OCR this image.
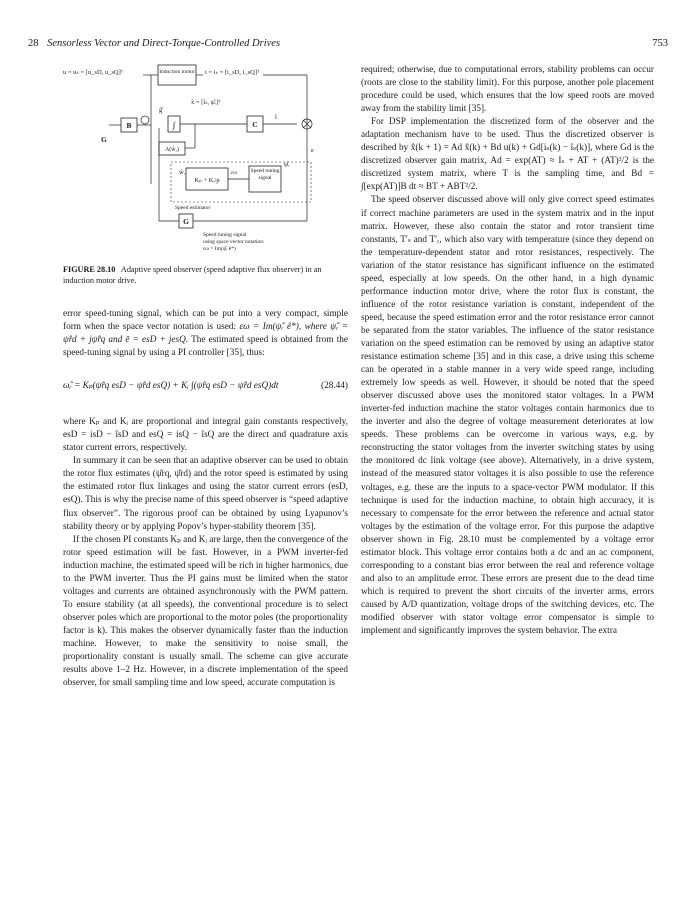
28 Sensorless Vector and Direct-Torque-Controlled Drives	753
u = uₛ = [u_sD, u_sQ]ᵀ	Induction motor i = iₛ = [i_sD, i_sQ]ᵀ
B	∫
ĝ̂
x̂ = [îₛ, ψ̂ᵣ]ᵀ
C
î
G
A(ŵᵣ)
ŵᵣ
Kₚ + Kᵢ/p
εω Speed tuning signal
ψ̂ᵣ
e
Speed estimator
G
Speed tuning signal
using space vector notation:
εω = Im(ψ̂ᵣ ê*)
FIGURE 28.10 Adaptive speed observer (speed adaptive flux observer) in an induction motor drive.

error speed-tuning signal, which can be put into a very compact, simple form when the space vector notation is used: εω = Im(ψ̂ᵣ ê*), where ψ̂ᵣ = ψ̂rd + jψ̂rq and ē = esD + jesQ. The estimated speed is obtained from the speed-tuning signal by using a PI controller [35], thus:

ω̂ᵣ = Kₚ(ψ̂rq esD − ψ̂rd esQ) + Kᵢ ∫(ψ̂rq esD − ψ̂rd esQ)dt	(28.44)

where Kₚ and Kᵢ are proportional and integral gain constants respectively, esD = isD − îsD and esQ = isQ − îsQ are the direct and quadrature axis stator current errors, respectively.

In summary it can be seen that an adaptive observer can be used to obtain the rotor flux estimates (ψ̂rq, ψ̂rd) and the rotor speed is estimated by using the estimated rotor flux linkages and using the stator current errors (esD, esQ). This is why the precise name of this speed observer is “speed adaptive flux observer”. The rigorous proof can be obtained by using Lyapunov’s stability theory or by applying Popov’s hyper-stability theorem [35].

If the chosen PI constants Kₚ and Kᵢ are large, then the convergence of the rotor speed estimation will be fast. However, in a PWM inverter-fed induction machine, the estimated speed will be rich in higher harmonics, due to the PWM inverter. Thus the PI gains must be limited when the stator voltages and currents are obtained asynchronously with the PWM pattern. To ensure stability (at all speeds), the conventional procedure is to select observer poles which are proportional to the motor poles (the proportionality factor is k). This makes the observer dynamically faster than the induction machine. However, to make the sensitivity to noise small, the proportionality constant is usually small. The scheme can give accurate results above 1–2 Hz. However, in a discrete implementation of the speed observer, for small sampling time and low speed, accurate computation is

required; otherwise, due to computational errors, stability problems can occur (roots are close to the stability limit). For this purpose, another pole placement procedure could be used, which ensures that the low speed roots are moved away from the stability limit [35].

For DSP implementation the discretized form of the observer and the adaptation mechanism have to be used. Thus the discretized observer is described by x̂(k + 1) = Ad x̂(k) + Bd u(k) + Gd[iₛ(k) − îₛ(k)], where Gd is the discretized observer gain matrix, Ad = exp(AT) ≈ Iₛ + AT + (AT)²/2 is the discretized system matrix, where T is the sampling time, and Bd = ∫[exp(AT)]B dt ≈ BT + ABT²/2.

The speed observer discussed above will only give correct speed estimates if correct machine parameters are used in the system matrix and in the input matrix. However, these also contain the stator and rotor transient time constants, T′ₛ and T′ᵣ, which also vary with temperature (since they depend on the temperature-dependent stator and rotor resistances, respectively. The variation of the stator resistance has significant influence on the estimated speed, especially at low speeds. On the other hand, in a high dynamic performance induction motor drive, where the rotor flux is constant, the influence of the rotor resistance variation is constant, independent of the speed, because the speed estimation error and the rotor resistance error cannot be separated from the stator variables. The influence of the stator resistance variation on the speed estimation can be removed by using an adaptive stator resistance estimation scheme [35] and in this case, a drive using this scheme can be operated in a stable manner in a very wide speed range, including extremely low speeds as well. However, it should be noted that the speed observer discussed above uses the monitored stator voltages. In a PWM inverter-fed induction machine the stator voltages contain harmonics due to the inverter and also the degree of voltage measurement deteriorates at low speeds. These problems can be overcome in various ways, e.g. by reconstructing the stator voltages from the inverter switching states by using the monitored dc link voltage (see above). Alternatively, in a drive system, instead of the measured stator voltages it is also possible to use the reference voltages, e.g. these are the inputs to a space-vector PWM modulator. If this technique is used for the induction machine, to obtain high accuracy, it is necessary to compensate for the error between the reference and actual stator voltages by the estimation of the voltage error. For this purpose the adaptive observer shown in Fig. 28.10 must be complemented by a voltage error estimator block. This voltage error contains both a dc and an ac component, corresponding to a constant bias error between the real and reference voltage and also to an amplitude error. These errors are present due to the dead time which is required to prevent the short circuits of the inverter arms, errors caused by A/D quantization, voltage drops of the switching devices, etc. The modified observer with stator voltage error compensator is simple to implement and significantly improves the system behavior. The extra
